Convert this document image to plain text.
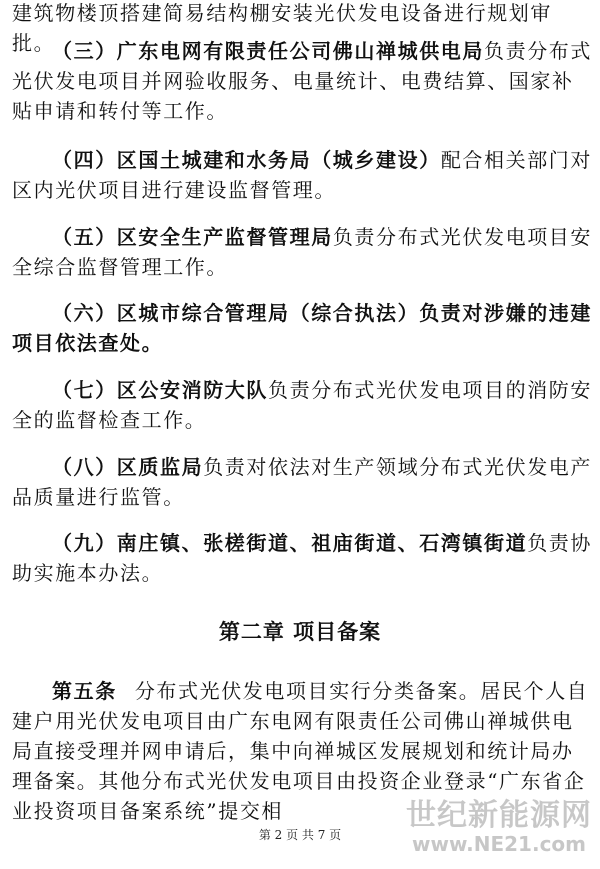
建筑物楼顶搭建简易结构棚安装光伏发电设备进行规划审批。

（三）广东电网有限责任公司佛山禅城供电局负责分布式光伏发电项目并网验收服务、电量统计、电费结算、国家补贴申请和转付等工作。

（四）区国土城建和水务局（城乡建设）配合相关部门对区内光伏项目进行建设监督管理。

（五）区安全生产监督管理局负责分布式光伏发电项目安全综合监督管理工作。

（六）区城市综合管理局（综合执法）负责对涉嫌的违建项目依法查处。

（七）区公安消防大队负责分布式光伏发电项目的消防安全的监督检查工作。

（八）区质监局负责对依法对生产领域分布式光伏发电产品质量进行监管。

（九）南庄镇、张槎街道、祖庙街道、石湾镇街道负责协助实施本办法。

第二章 项目备案

第五条 分布式光伏发电项目实行分类备案。居民个人自建户用光伏发电项目由广东电网有限责任公司佛山禅城供电局直接受理并网申请后，集中向禅城区发展规划和统计局办理备案。其他分布式光伏发电项目由投资企业登录“广东省企业投资项目备案系统”提交相

第 2 页 共 7 页
世纪新能源网
www.NE21.com
